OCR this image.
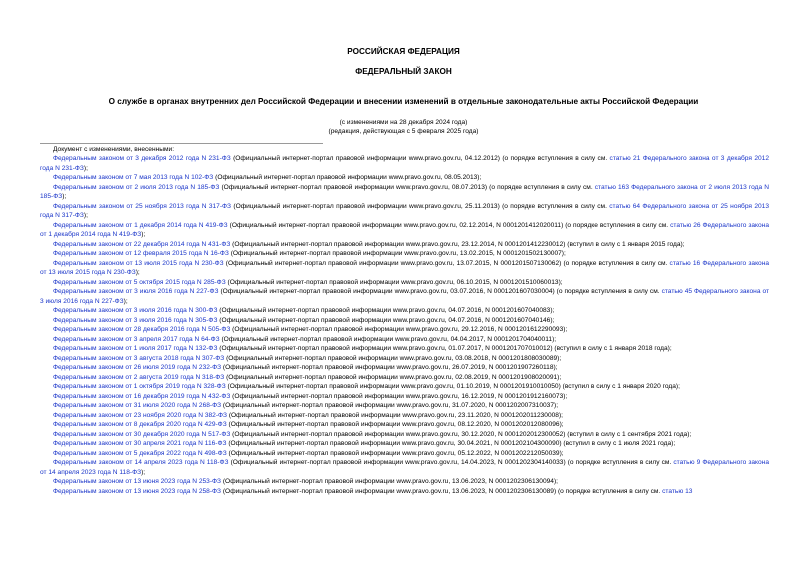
РОССИЙСКАЯ ФЕДЕРАЦИЯ
ФЕДЕРАЛЬНЫЙ ЗАКОН
О службе в органах внутренних дел Российской Федерации и внесении изменений в отдельные законодательные акты Российской Федерации
(с изменениями на 28 декабря 2024 года)
(редакция, действующая с 5 февраля 2025 года)
Документ с изменениями, внесенными:

Федеральным законом от 3 декабря 2012 года N 231-ФЗ (Официальный интернет-портал правовой информации www.pravo.gov.ru, 04.12.2012) (о порядке вступления в силу см. статью 21 Федерального закона от 3 декабря 2012 года N 231-ФЗ);

Федеральным законом от 7 мая 2013 года N 102-ФЗ (Официальный интернет-портал правовой информации www.pravo.gov.ru, 08.05.2013);

Федеральным законом от 2 июля 2013 года N 185-ФЗ (Официальный интернет-портал правовой информации www.pravo.gov.ru, 08.07.2013) (о порядке вступления в силу см. статью 163 Федерального закона от 2 июля 2013 года N 185-ФЗ);

Федеральным законом от 25 ноября 2013 года N 317-ФЗ (Официальный интернет-портал правовой информации www.pravo.gov.ru, 25.11.2013) (о порядке вступления в силу см. статью 64 Федерального закона от 25 ноября 2013 года N 317-ФЗ);

Федеральным законом от 1 декабря 2014 года N 419-ФЗ (Официальный интернет-портал правовой информации www.pravo.gov.ru, 02.12.2014, N 0001201412020011) (о порядке вступления в силу см. статью 26 Федерального закона от 1 декабря 2014 года N 419-ФЗ);

Федеральным законом от 22 декабря 2014 года N 431-ФЗ (Официальный интернет-портал правовой информации www.pravo.gov.ru, 23.12.2014, N 0001201412230012) (вступил в силу с 1 января 2015 года);

Федеральным законом от 12 февраля 2015 года N 16-ФЗ (Официальный интернет-портал правовой информации www.pravo.gov.ru, 13.02.2015, N 0001201502130007);

Федеральным законом от 13 июля 2015 года N 230-ФЗ (Официальный интернет-портал правовой информации www.pravo.gov.ru, 13.07.2015, N 0001201507130062) (о порядке вступления в силу см. статью 16 Федерального закона от 13 июля 2015 года N 230-ФЗ);

Федеральным законом от 5 октября 2015 года N 285-ФЗ (Официальный интернет-портал правовой информации www.pravo.gov.ru, 06.10.2015, N 0001201510060013);

Федеральным законом от 3 июля 2016 года N 227-ФЗ (Официальный интернет-портал правовой информации www.pravo.gov.ru, 03.07.2016, N 0001201607030004) (о порядке вступления в силу см. статью 45 Федерального закона от 3 июля 2016 года N 227-ФЗ);

Федеральным законом от 3 июля 2016 года N 300-ФЗ (Официальный интернет-портал правовой информации www.pravo.gov.ru, 04.07.2016, N 0001201607040083);

Федеральным законом от 3 июля 2016 года N 305-ФЗ (Официальный интернет-портал правовой информации www.pravo.gov.ru, 04.07.2016, N 0001201607040146);

Федеральным законом от 28 декабря 2016 года N 505-ФЗ (Официальный интернет-портал правовой информации www.pravo.gov.ru, 29.12.2016, N 0001201612290093);

Федеральным законом от 3 апреля 2017 года N 64-ФЗ (Официальный интернет-портал правовой информации www.pravo.gov.ru, 04.04.2017, N 0001201704040011);

Федеральным законом от 1 июля 2017 года N 132-ФЗ (Официальный интернет-портал правовой информации www.pravo.gov.ru, 01.07.2017, N 0001201707010012) (вступил в силу с 1 января 2018 года);

Федеральным законом от 3 августа 2018 года N 307-ФЗ (Официальный интернет-портал правовой информации www.pravo.gov.ru, 03.08.2018, N 0001201808030089);

Федеральным законом от 26 июля 2019 года N 232-ФЗ (Официальный интернет-портал правовой информации www.pravo.gov.ru, 26.07.2019, N 0001201907260118);

Федеральным законом от 2 августа 2019 года N 318-ФЗ (Официальный интернет-портал правовой информации www.pravo.gov.ru, 02.08.2019, N 0001201908020091);

Федеральным законом от 1 октября 2019 года N 328-ФЗ (Официальный интернет-портал правовой информации www.pravo.gov.ru, 01.10.2019, N 0001201910010050) (вступил в силу с 1 января 2020 года);

Федеральным законом от 16 декабря 2019 года N 432-ФЗ (Официальный интернет-портал правовой информации www.pravo.gov.ru, 16.12.2019, N 0001201912160073);

Федеральным законом от 31 июля 2020 года N 268-ФЗ (Официальный интернет-портал правовой информации www.pravo.gov.ru, 31.07.2020, N 0001202007310037);

Федеральным законом от 23 ноября 2020 года N 382-ФЗ (Официальный интернет-портал правовой информации www.pravo.gov.ru, 23.11.2020, N 0001202011230008);

Федеральным законом от 8 декабря 2020 года N 429-ФЗ (Официальный интернет-портал правовой информации www.pravo.gov.ru, 08.12.2020, N 0001202012080096);

Федеральным законом от 30 декабря 2020 года N 517-ФЗ (Официальный интернет-портал правовой информации www.pravo.gov.ru, 30.12.2020, N 0001202012300052) (вступил в силу с 1 сентября 2021 года);

Федеральным законом от 30 апреля 2021 года N 116-ФЗ (Официальный интернет-портал правовой информации www.pravo.gov.ru, 30.04.2021, N 0001202104300090) (вступил в силу с 1 июля 2021 года);

Федеральным законом от 5 декабря 2022 года N 498-ФЗ (Официальный интернет-портал правовой информации www.pravo.gov.ru, 05.12.2022, N 0001202212050039);

Федеральным законом от 14 апреля 2023 года N 118-ФЗ (Официальный интернет-портал правовой информации www.pravo.gov.ru, 14.04.2023, N 0001202304140033) (о порядке вступления в силу см. статью 9 Федерального закона от 14 апреля 2023 года N 118-ФЗ);

Федеральным законом от 13 июня 2023 года N 253-ФЗ (Официальный интернет-портал правовой информации www.pravo.gov.ru, 13.06.2023, N 0001202306130094);

Федеральным законом от 13 июня 2023 года N 258-ФЗ (Официальный интернет-портал правовой информации www.pravo.gov.ru, 13.06.2023, N 0001202306130089) (о порядке вступления в силу см. статью 13
